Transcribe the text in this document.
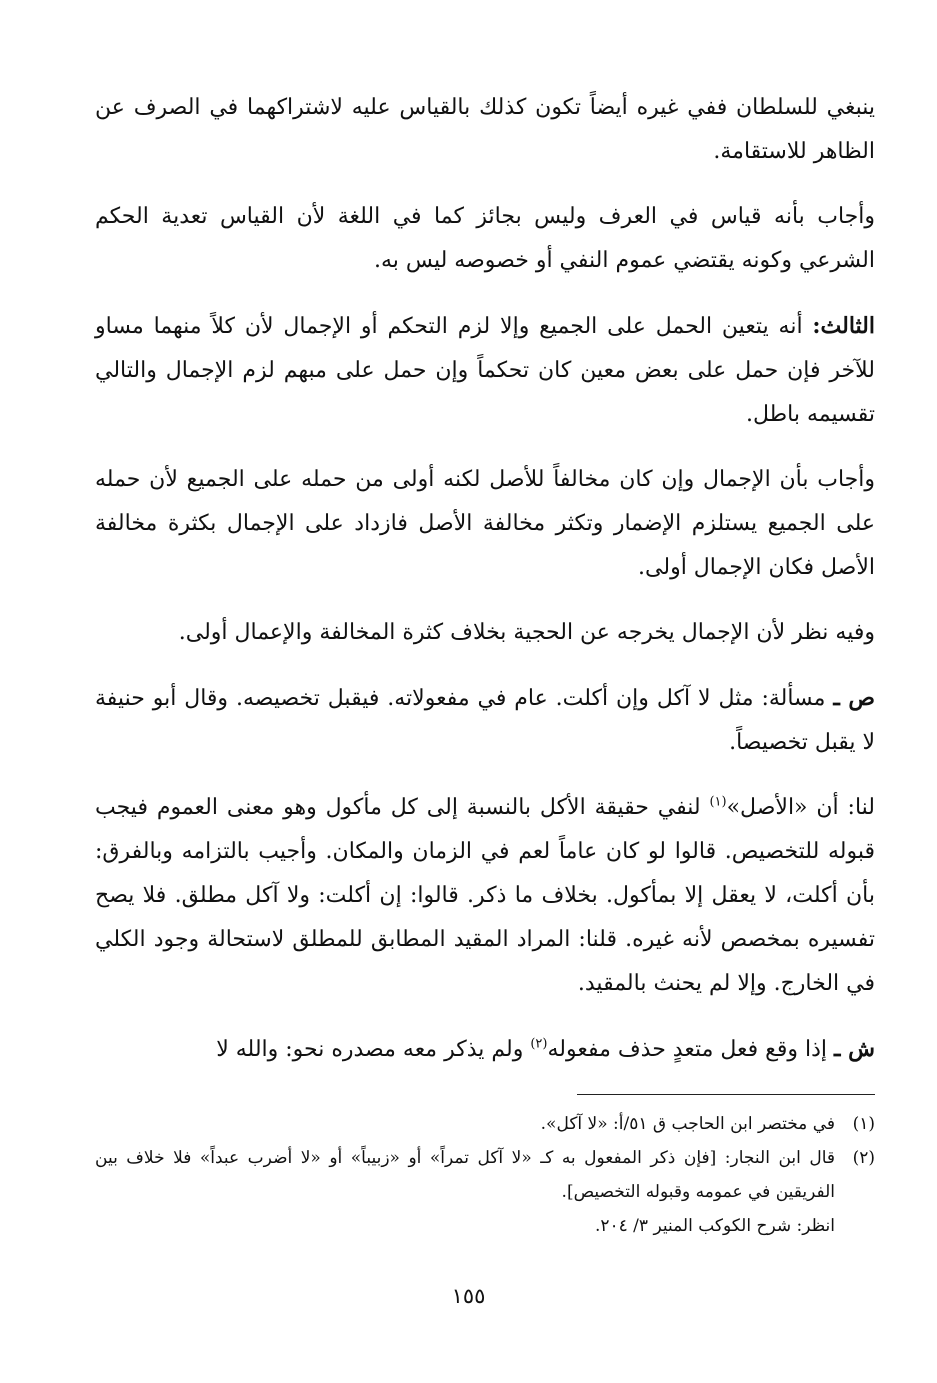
ينبغي للسلطان ففي غيره أيضاً تكون كذلك بالقياس عليه لاشتراكهما في الصرف عن الظاهر للاستقامة.

وأجاب بأنه قياس في العرف وليس بجائز كما في اللغة لأن القياس تعدية الحكم الشرعي وكونه يقتضي عموم النفي أو خصوصه ليس به.

الثالث: أنه يتعين الحمل على الجميع وإلا لزم التحكم أو الإجمال لأن كلاً منهما مساو للآخر فإن حمل على بعض معين كان تحكماً وإن حمل على مبهم لزم الإجمال والتالي تقسيمه باطل.

وأجاب بأن الإجمال وإن كان مخالفاً للأصل لكنه أولى من حمله على الجميع لأن حمله على الجميع يستلزم الإضمار وتكثر مخالفة الأصل فازداد على الإجمال بكثرة مخالفة الأصل فكان الإجمال أولى.

وفيه نظر لأن الإجمال يخرجه عن الحجية بخلاف كثرة المخالفة والإعمال أولى.

ص ـ مسألة: مثل لا آكل وإن أكلت. عام في مفعولاته. فيقبل تخصيصه. وقال أبو حنيفة لا يقبل تخصيصاً.

لنا: أن «الأصل»$^{(١)}$ لنفي حقيقة الأكل بالنسبة إلى كل مأكول وهو معنى العموم فيجب قبوله للتخصيص. قالوا لو كان عاماً لعم في الزمان والمكان. وأجيب بالتزامه وبالفرق: بأن أكلت، لا يعقل إلا بمأكول. بخلاف ما ذكر. قالوا: إن أكلت: ولا آكل مطلق. فلا يصح تفسيره بمخصص لأنه غيره. قلنا: المراد المقيد المطابق للمطلق لاستحالة وجود الكلي في الخارج. وإلا لم يحنث بالمقيد.

ش ـ إذا وقع فعل متعدٍ حذف مفعوله$^{(٢)}$ ولم يذكر معه مصدره نحو: والله لا

(١)
في مختصر ابن الحاجب ق ٥١/أ: «لا آكل».

(٢)
قال ابن النجار: [فإن ذكر المفعول به كـ «لا آكل تمراً» أو «زبيباً» أو «لا أضرب عبداً» فلا خلاف بين الفريقين في عمومه وقبوله التخصيص].

انظر: شرح الكوكب المنير ٣/ ٢٠٤.

١٥٥
